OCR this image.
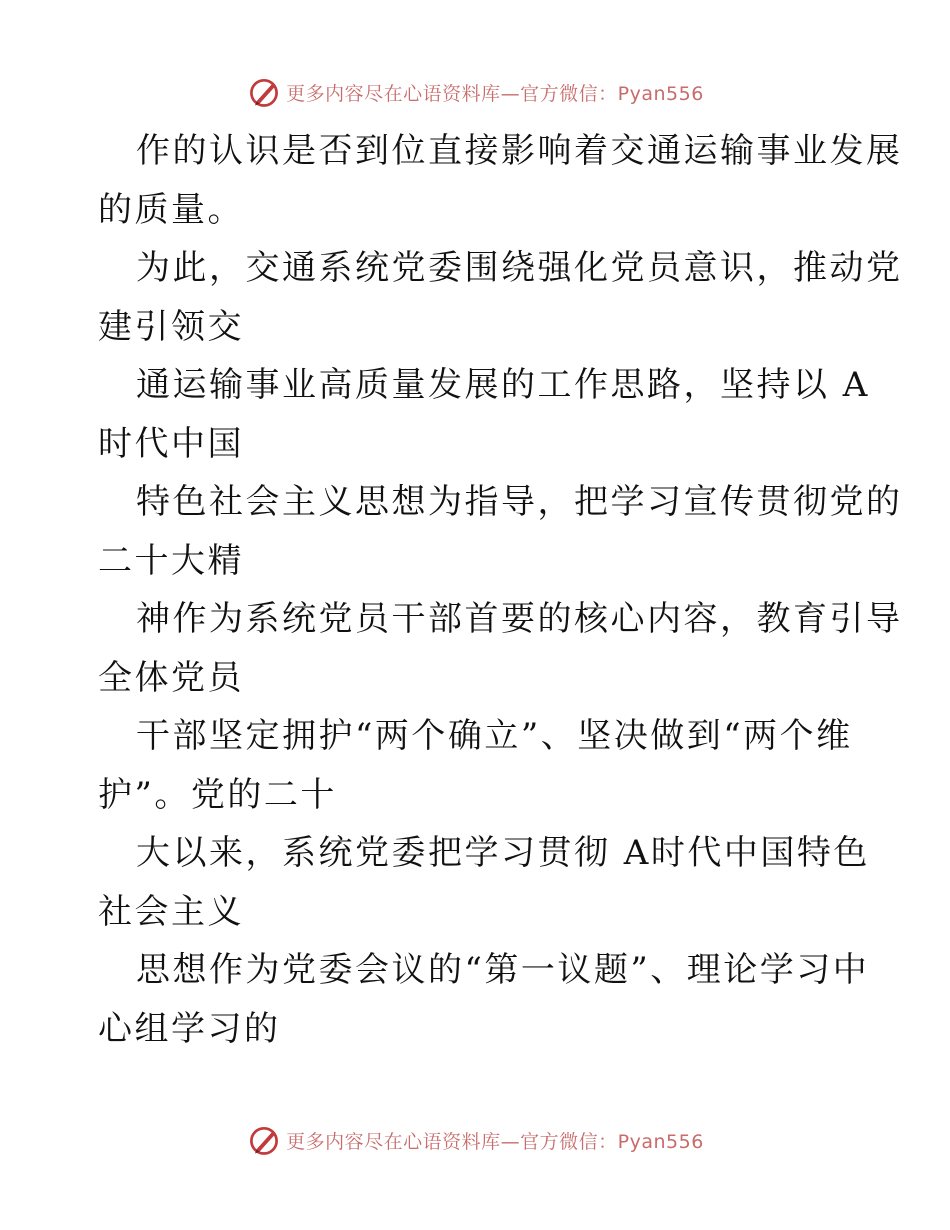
更多内容尽在心语资料库—官方微信：Pyan556
作的认识是否到位直接影响着交通运输事业发展
的质量。
为此，交通系统党委围绕强化党员意识，推动党
建引领交
通运输事业高质量发展的工作思路，坚持以 A
时代中国
特色社会主义思想为指导，把学习宣传贯彻党的
二十大精
神作为系统党员干部首要的核心内容，教育引导
全体党员
干部坚定拥护“两个确立”、坚决做到“两个维
护”。党的二十
大以来，系统党委把学习贯彻 A时代中国特色
社会主义
思想作为党委会议的“第一议题”、理论学习中
心组学习的
更多内容尽在心语资料库—官方微信：Pyan556
